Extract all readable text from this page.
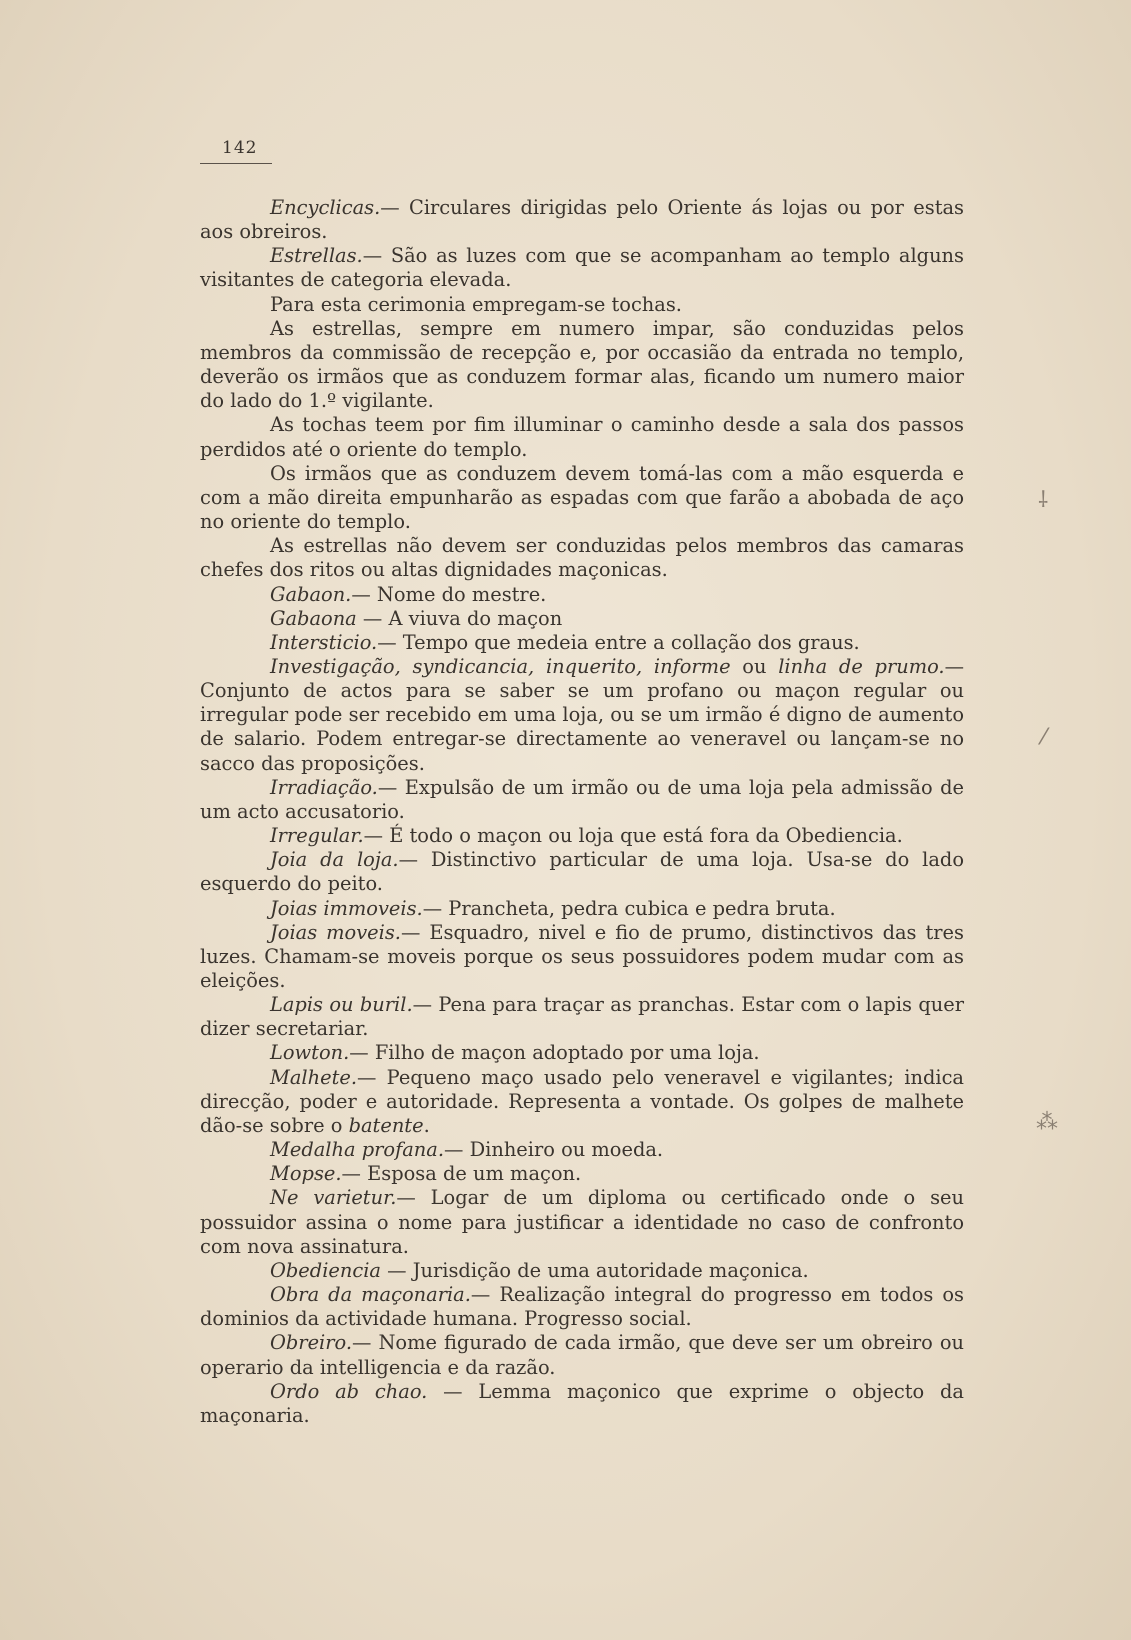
142

Encyclicas.— Circulares dirigidas pelo Oriente ás lojas ou por estas aos obreiros.

Estrellas.— São as luzes com que se acompanham ao templo alguns visitantes de categoria elevada.

Para esta cerimonia empregam-se tochas.

As estrellas, sempre em numero impar, são conduzidas pelos membros da commissão de recepção e, por occasião da entrada no templo, deverão os irmãos que as conduzem formar alas, ficando um numero maior do lado do 1.º vigilante.

As tochas teem por fim illuminar o caminho desde a sala dos passos perdidos até o oriente do templo.

Os irmãos que as conduzem devem tomá-las com a mão esquerda e com a mão direita empunharão as espadas com que farão a abobada de aço no oriente do templo.

As estrellas não devem ser conduzidas pelos membros das camaras chefes dos ritos ou altas dignidades maçonicas.

Gabaon.— Nome do mestre.

Gabaona — A viuva do maçon

Intersticio.— Tempo que medeia entre a collação dos graus.

Investigação, syndicancia, inquerito, informe ou linha de prumo.— Conjunto de actos para se saber se um profano ou maçon regular ou irregular pode ser recebido em uma loja, ou se um irmão é digno de aumento de salario. Podem entregar-se directamente ao veneravel ou lançam-se no sacco das proposições.

Irradiação.— Expulsão de um irmão ou de uma loja pela admissão de um acto accusatorio.

Irregular.— É todo o maçon ou loja que está fora da Obediencia.

Joia da loja.— Distinctivo particular de uma loja. Usa-se do lado esquerdo do peito.

Joias immoveis.— Prancheta, pedra cubica e pedra bruta.

Joias moveis.— Esquadro, nivel e fio de prumo, distinctivos das tres luzes. Chamam-se moveis porque os seus possuidores podem mudar com as eleições.

Lapis ou buril.— Pena para traçar as pranchas. Estar com o lapis quer dizer secretariar.

Lowton.— Filho de maçon adoptado por uma loja.

Malhete.— Pequeno maço usado pelo veneravel e vigilantes; indica direcção, poder e autoridade. Representa a vontade. Os golpes de malhete dão-se sobre o batente.

Medalha profana.— Dinheiro ou moeda.

Mopse.— Esposa de um maçon.

Ne varietur.— Logar de um diploma ou certificado onde o seu possuidor assina o nome para justificar a identidade no caso de confronto com nova assinatura.

Obediencia — Jurisdição de uma autoridade maçonica.

Obra da maçonaria.— Realização integral do progresso em todos os dominios da actividade humana. Progresso social.

Obreiro.— Nome figurado de cada irmão, que deve ser um obreiro ou operario da intelligencia e da razão.

Ordo ab chao. — Lemma maçonico que exprime o objecto da maçonaria.

⸸
⁄
⁂
